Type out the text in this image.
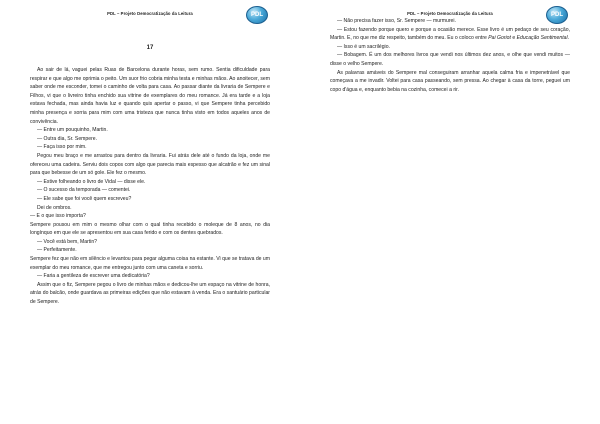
PDL – Projeto Democratização da Leitura	PDL
17

Ao sair de lá, vaguei pelas Ruas de Barcelona durante horas, sem rumo. Sentia dificuldade para respirar e que algo me oprimia o peito. Um suor frio cobria minha testa e minhas mãos. Ao anoitecer, sem saber onde me esconder, tomei o caminho de volta para casa. Ao passar diante da livraria de Sempere e Filhos, vi que o livreiro tinha enchido sua vitrine de exemplares do meu romance. Já era tarde e a loja estava fechada, mas ainda havia luz e quando quis apertar o passo, vi que Sempere tinha percebido minha presença e sorria para mim com uma tristeza que nunca tinha visto em todos aqueles anos de convivência.

— Entre um pouquinho, Martin.

— Outra dia, Sr. Sempere.

— Faça isso por mim.

Pegou meu braço e me arrastou para dentro da livraria. Fui atrás dele até o fundo da loja, onde me ofereceu uma cadeira. Serviu dois copos com algo que parecia mais espesso que alcatrão e fez um sinal para que bebesse de um só gole. Ele fez o mesmo.

— Estive folheando o livro de Vidal — disse ele.

— O sucesso da temporada — comentei.

— Ele sabe que foi você quem escreveu?

Dei de ombros.

— E o que isso importa?

Sempere pousou em mim o mesmo olhar com o qual tinha recebido o moleque de 8 anos, no dia longínquo em que ele se apresentou em sua casa ferido e com os dentes quebrados.

— Você está bem, Martin?

— Perfeitamente.

Sempere fez que não em silêncio e levantou para pegar alguma coisa na estante. Vi que se tratava de um exemplar do meu romance, que me entregou junto com uma caneta e sorriu.

— Faria a gentileza de escrever uma dedicatória?

Assim que o fiz, Sempere pegou o livro de minhas mãos e dedicou-lhe um espaço na vitrine de honra, atrás do balcão, onde guardava as primeiras edições que não estavam à venda. Era o santuário particular de Sempere.

PDL – Projeto Democratização da Leitura	PDL

— Não precisa fazer isso, Sr. Sempere — murmurei.

— Estou fazendo porque quero e porque a ocasião merece. Esse livro é um pedaço de seu coração, Martin. E, no que me diz respeito, também do meu. Eu o coloco entre Pai Goriot e Educação Sentimental.

— Isso é um sacrilégio.

— Bobagem. É um dos melhores livros que vendi nos últimos dez anos, e olhe que vendi muitos — disse o velho Sempere.

As palavras amáveis do Sempere mal conseguiram arranhar aquela calma fria e impenetrável que começava a me invadir. Voltei para casa passeando, sem pressa. Ao chegar à casa da torre, peguei um copo d'água e, enquanto bebia na cozinha, comecei a rir.
